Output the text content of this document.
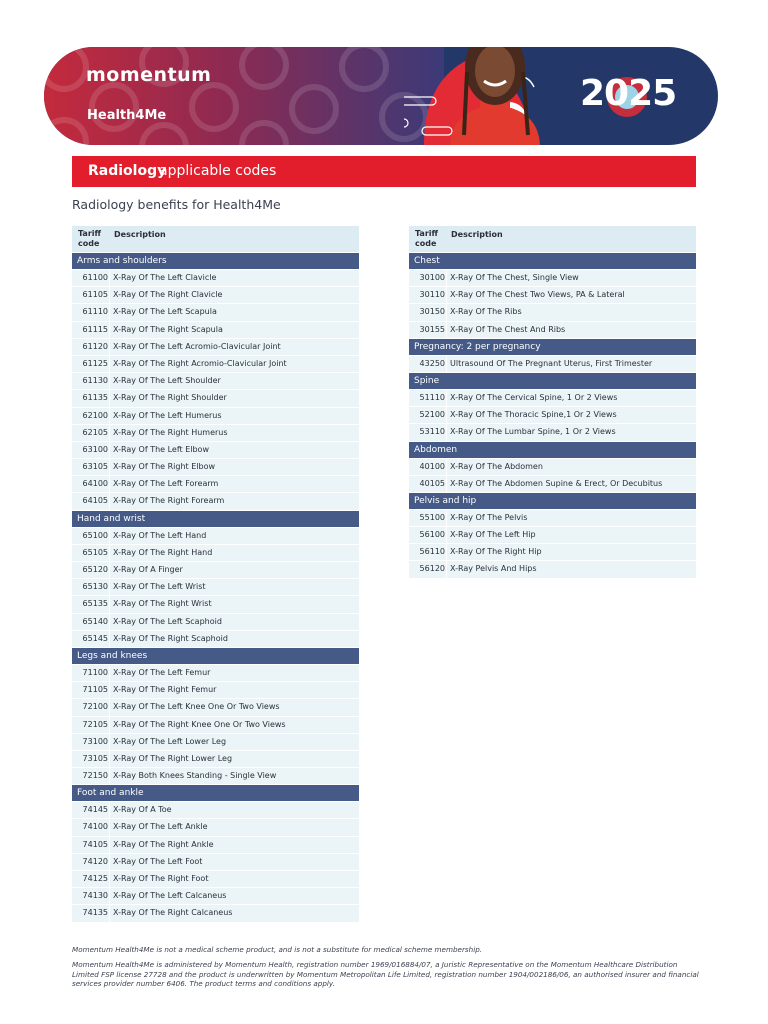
momentum
Health4Me
2025
Radiology
applicable codes
Radiology benefits for Health4Me
Tariff code
Description
Arms and shoulders
61100 X-Ray Of The Left Clavicle
61105 X-Ray Of The Right Clavicle
61110 X-Ray Of The Left Scapula
61115 X-Ray Of The Right Scapula
61120 X-Ray Of The Left Acromio-Clavicular Joint
61125 X-Ray Of The Right Acromio-Clavicular Joint
61130 X-Ray Of The Left Shoulder
61135 X-Ray Of The Right Shoulder
62100 X-Ray Of The Left Humerus
62105 X-Ray Of The Right Humerus
63100 X-Ray Of The Left Elbow
63105 X-Ray Of The Right Elbow
64100 X-Ray Of The Left Forearm
64105 X-Ray Of The Right Forearm
Hand and wrist
65100 X-Ray Of The Left Hand
65105 X-Ray Of The Right Hand
65120 X-Ray Of A Finger
65130 X-Ray Of The Left Wrist
65135 X-Ray Of The Right Wrist
65140 X-Ray Of The Left Scaphoid
65145 X-Ray Of The Right Scaphoid
Legs and knees
71100 X-Ray Of The Left Femur
71105 X-Ray Of The Right Femur
72100 X-Ray Of The Left Knee One Or Two Views
72105 X-Ray Of The Right Knee One Or Two Views
73100 X-Ray Of The Left Lower Leg
73105 X-Ray Of The Right Lower Leg
72150 X-Ray Both Knees Standing - Single View
Foot and ankle
74145 X-Ray Of A Toe
74100 X-Ray Of The Left Ankle
74105 X-Ray Of The Right Ankle
74120 X-Ray Of The Left Foot
74125 X-Ray Of The Right Foot
74130 X-Ray Of The Left Calcaneus
74135 X-Ray Of The Right Calcaneus
Tariff code
Description
Chest
30100 X-Ray Of The Chest, Single View
30110 X-Ray Of The Chest Two Views, PA & Lateral
30150 X-Ray Of The Ribs
30155 X-Ray Of The Chest And Ribs
Pregnancy: 2 per pregnancy
43250 Ultrasound Of The Pregnant Uterus, First Trimester
Spine
51110 X-Ray Of The Cervical Spine, 1 Or 2 Views
52100 X-Ray Of The Thoracic Spine,1 Or 2 Views
53110 X-Ray Of The Lumbar Spine, 1 Or 2 Views
Abdomen
40100 X-Ray Of The Abdomen
40105 X-Ray Of The Abdomen Supine & Erect, Or Decubitus
Pelvis and hip
55100 X-Ray Of The Pelvis
56100 X-Ray Of The Left Hip
56110 X-Ray Of The Right Hip
56120 X-Ray Pelvis And Hips
Momentum Health4Me is not a medical scheme product, and is not a substitute for medical scheme membership.
Momentum Health4Me is administered by Momentum Health, registration number 1969/016884/07, a Juristic Representative on the Momentum Healthcare Distribution Limited FSP license 27728 and the product is underwritten by Momentum Metropolitan Life Limited, registration number 1904/002186/06, an authorised insurer and financial services provider number 6406. The product terms and conditions apply.
